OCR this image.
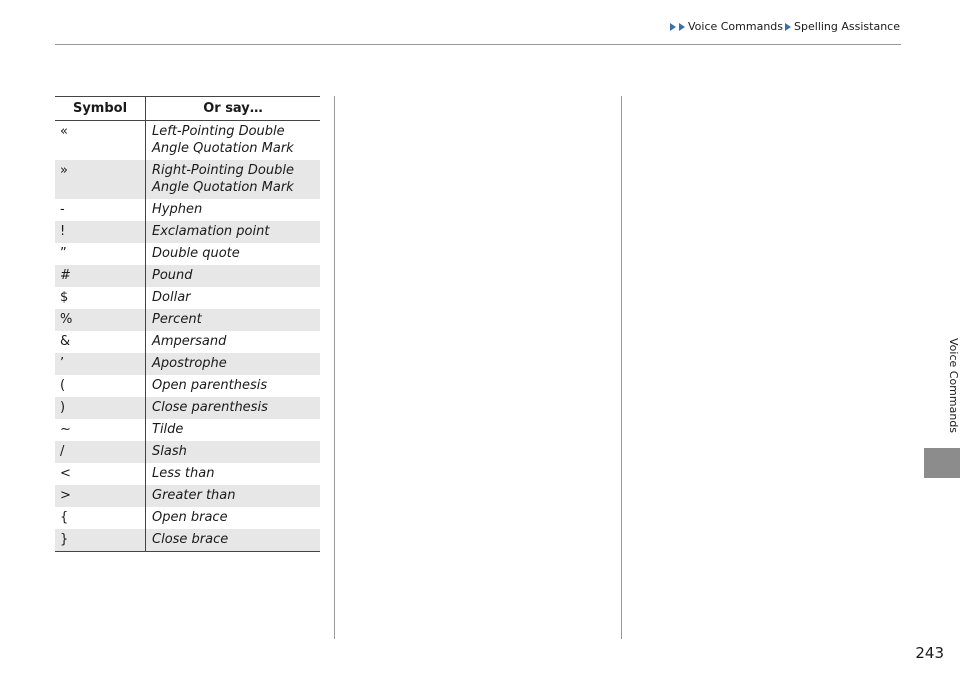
Voice Commands Spelling Assistance
Symbol	Or say…
«	Left-Pointing Double Angle Quotation Mark
»	Right-Pointing Double Angle Quotation Mark
-	Hyphen
!	Exclamation point
”	Double quote
#	Pound
$	Dollar
%	Percent
&	Ampersand
’	Apostrophe
(	Open parenthesis
)	Close parenthesis
~	Tilde
/	Slash
<	Less than
>	Greater than
{	Open brace
}	Close brace
Voice Commands
243
